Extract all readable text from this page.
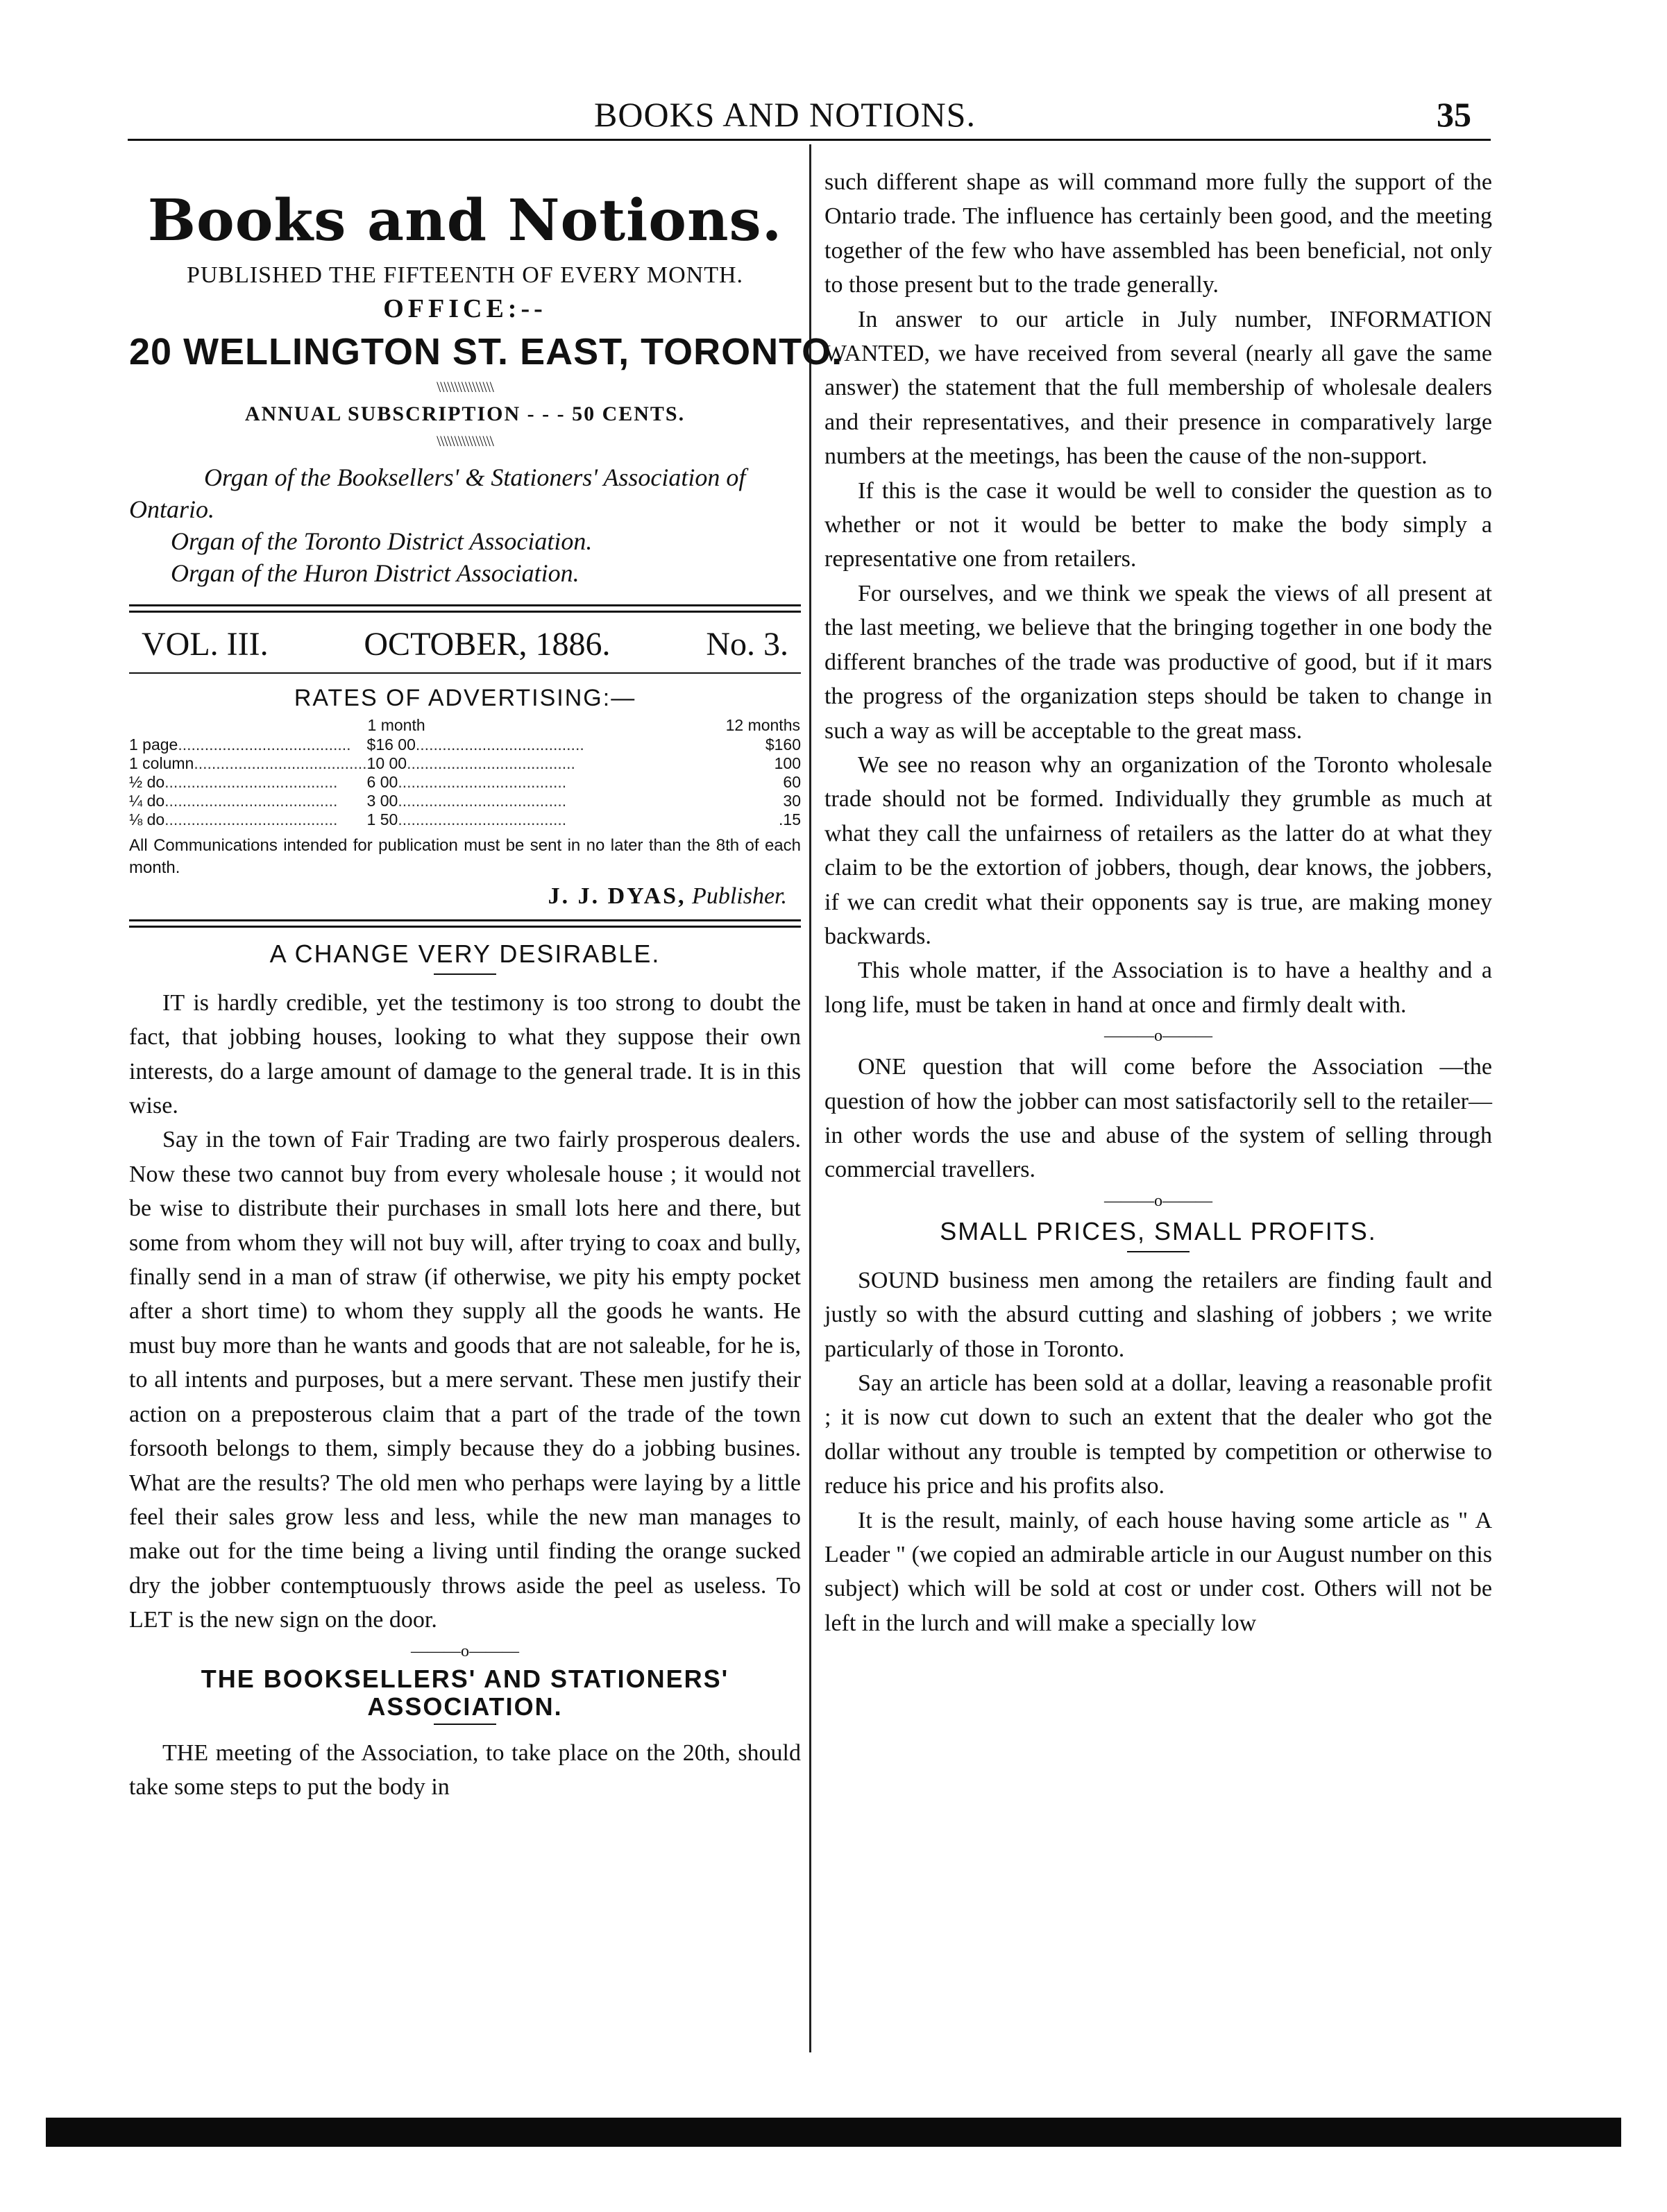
BOOKS AND NOTIONS.	35
Books and Notions.
PUBLISHED THE FIFTEENTH OF EVERY MONTH.
OFFICE:--
20 WELLINGTON ST. EAST, TORONTO.
\\\\\\\\\\\\\\\\
ANNUAL SUBSCRIPTION - - - 50 CENTS.
\\\\\\\\\\\\\\\\
Organ of the Booksellers' & Stationers' Association of Ontario.
Organ of the Toronto District Association.
Organ of the Huron District Association.
VOL. III.	OCTOBER, 1886.	No. 3.
RATES OF ADVERTISING:—
	1 month	12 months
1 page.......................................	$16 00......................................	$160
1 column.......................................	10 00......................................	100
½ do.......................................	6 00......................................	60
¼ do.......................................	3 00......................................	30
⅛ do.......................................	1 50......................................	.15
All Communications intended for publication must be sent in no later than the 8th of each month.
J. J. DYAS, Publisher.
A CHANGE VERY DESIRABLE.

IT is hardly credible, yet the testimony is too strong to doubt the fact, that jobbing houses, looking to what they suppose their own interests, do a large amount of damage to the general trade. It is in this wise.

Say in the town of Fair Trading are two fairly prosperous dealers. Now these two cannot buy from every wholesale house ; it would not be wise to distribute their purchases in small lots here and there, but some from whom they will not buy will, after trying to coax and bully, finally send in a man of straw (if otherwise, we pity his empty pocket after a short time) to whom they supply all the goods he wants. He must buy more than he wants and goods that are not saleable, for he is, to all intents and purposes, but a mere servant. These men justify their action on a preposterous claim that a part of the trade of the town forsooth belongs to them, simply because they do a jobbing busines. What are the results? The old men who perhaps were laying by a little feel their sales grow less and less, while the new man manages to make out for the time being a living until finding the orange sucked dry the jobber contemptuously throws aside the peel as useless. To LET is the new sign on the door.

———o———
THE BOOKSELLERS' AND STATIONERS' ASSOCIATION.

THE meeting of the Association, to take place on the 20th, should take some steps to put the body in

such different shape as will command more fully the support of the Ontario trade. The influence has certainly been good, and the meeting together of the few who have assembled has been beneficial, not only to those present but to the trade generally.

In answer to our article in July number, INFORMATION WANTED, we have received from several (nearly all gave the same answer) the statement that the full membership of wholesale dealers and their representatives, and their presence in comparatively large numbers at the meetings, has been the cause of the non-support.

If this is the case it would be well to consider the question as to whether or not it would be better to make the body simply a representative one from retailers.

For ourselves, and we think we speak the views of all present at the last meeting, we believe that the bringing together in one body the different branches of the trade was productive of good, but if it mars the progress of the organization steps should be taken to change in such a way as will be acceptable to the great mass.

We see no reason why an organization of the Toronto wholesale trade should not be formed. Individually they grumble as much at what they call the unfairness of retailers as the latter do at what they claim to be the extortion of jobbers, though, dear knows, the jobbers, if we can credit what their opponents say is true, are making money backwards.

This whole matter, if the Association is to have a healthy and a long life, must be taken in hand at once and firmly dealt with.

———o———

ONE question that will come before the Association —the question of how the jobber can most satisfactorily sell to the retailer—in other words the use and abuse of the system of selling through commercial travellers.

———o———
SMALL PRICES, SMALL PROFITS.

SOUND business men among the retailers are finding fault and justly so with the absurd cutting and slashing of jobbers ; we write particularly of those in Toronto.

Say an article has been sold at a dollar, leaving a reasonable profit ; it is now cut down to such an extent that the dealer who got the dollar without any trouble is tempted by competition or otherwise to reduce his price and his profits also.

It is the result, mainly, of each house having some article as " A Leader " (we copied an admirable article in our August number on this subject) which will be sold at cost or under cost. Others will not be left in the lurch and will make a specially low
